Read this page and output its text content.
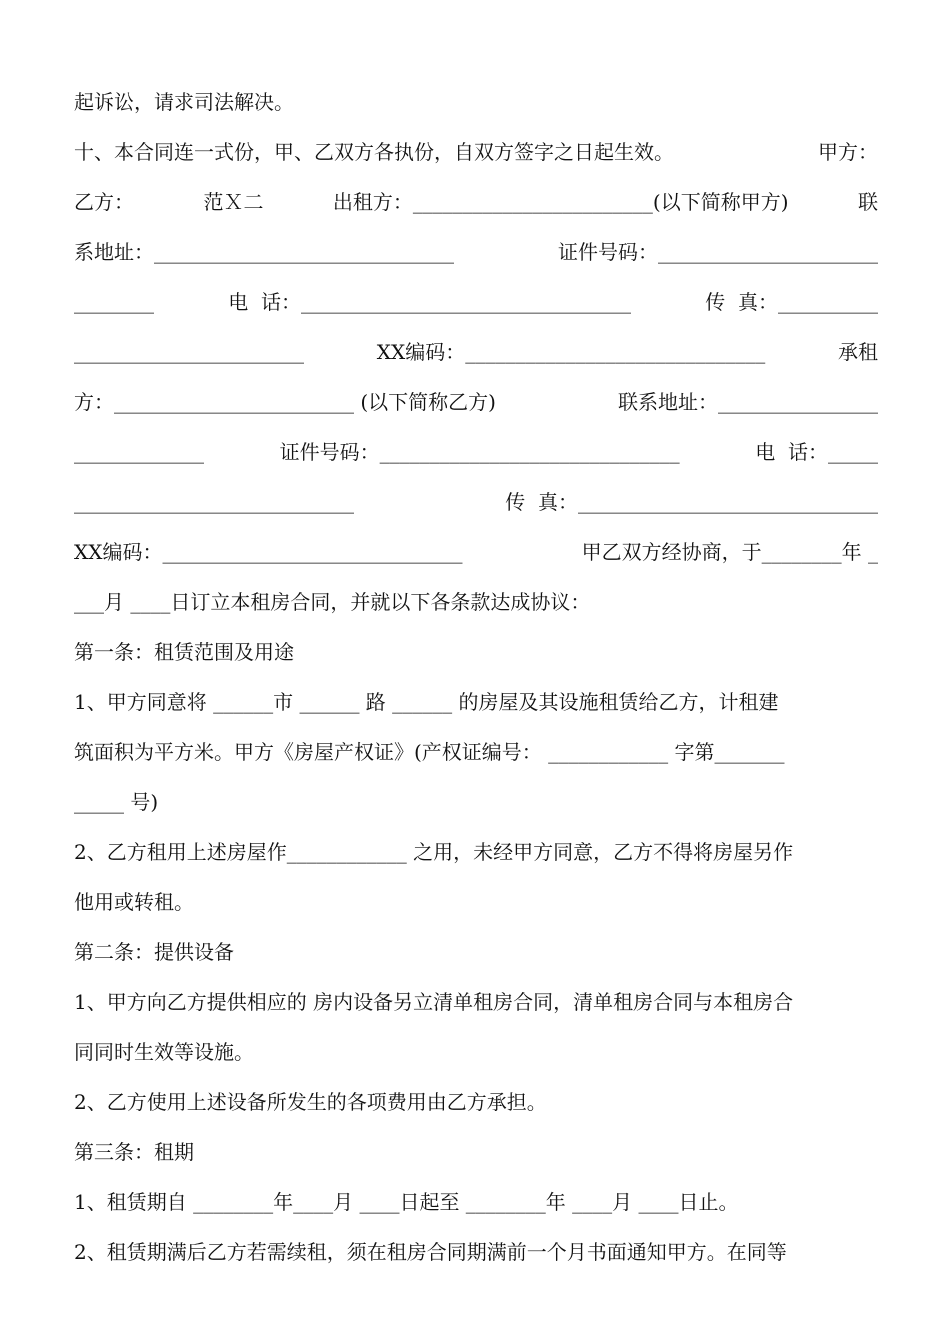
起诉讼，请求司法解决。
十、本合同连一式份，甲、乙双方各执份，自双方签字之日起生效。	甲方：
乙方：	范Ｘ二	出租方：________________________(以下简称甲方)	联
系地址：______________________________	证件号码：______________________
________	电  话：_________________________________	传  真：__________
_______________________	XX编码：______________________________	承租
方：________________________ (以下简称乙方)	联系地址：________________
_____________	证件号码：______________________________	电  话：_____
____________________________	传  真：______________________________
XX编码：______________________________	甲乙双方经协商，于________年 _
___月 ____日订立本租房合同，并就以下各条款达成协议：
第一条：租赁范围及用途
1、甲方同意将 ______市 ______ 路 ______ 的房屋及其设施租赁给乙方，计租建
筑面积为平方米。甲方《房屋产权证》(产权证编号： ____________ 字第_______
_____ 号)
2、乙方租用上述房屋作____________ 之用，未经甲方同意，乙方不得将房屋另作
他用或转租。
第二条：提供设备
1、甲方向乙方提供相应的 房内设备另立清单租房合同，清单租房合同与本租房合
同同时生效等设施。
2、乙方使用上述设备所发生的各项费用由乙方承担。
第三条：租期
1、租赁期自 ________年____月 ____日起至 ________年 ____月 ____日止。
2、租赁期满后乙方若需续租，须在租房合同期满前一个月书面通知甲方。在同等
